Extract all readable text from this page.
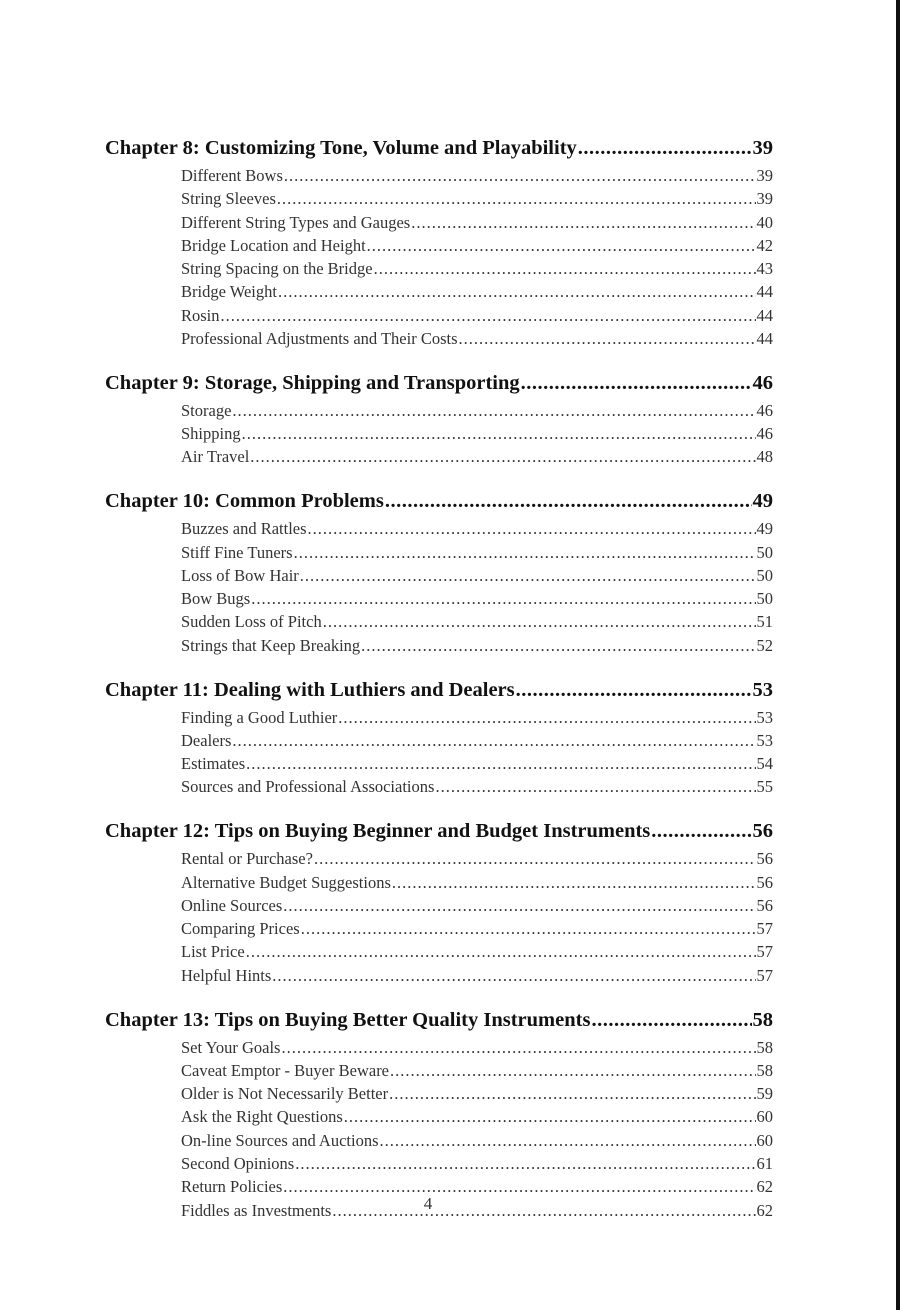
Chapter 8: Customizing Tone, Volume and Playability .....	39
Different Bows .....	39
String Sleeves .....	39
Different String Types and Gauges .....	40
Bridge Location and Height .....	42
String Spacing on the Bridge .....	43
Bridge Weight .....	44
Rosin .....	44
Professional Adjustments and Their Costs .....	44
Chapter 9: Storage, Shipping and Transporting .....	46
Storage .....	46
Shipping .....	46
Air Travel .....	48
Chapter 10: Common Problems .....	49
Buzzes and Rattles .....	49
Stiff Fine Tuners .....	50
Loss of Bow Hair .....	50
Bow Bugs .....	50
Sudden Loss of Pitch .....	51
Strings that Keep Breaking .....	52
Chapter 11: Dealing with Luthiers and Dealers .....	53
Finding a Good Luthier .....	53
Dealers .....	53
Estimates .....	54
Sources and Professional Associations .....	55
Chapter 12: Tips on Buying Beginner and Budget Instruments .....	56
Rental or Purchase? .....	56
Alternative Budget Suggestions .....	56
Online Sources .....	56
Comparing Prices .....	57
List Price .....	57
Helpful Hints .....	57
Chapter 13: Tips on Buying Better Quality Instruments .....	58
Set Your Goals .....	58
Caveat Emptor - Buyer Beware .....	58
Older is Not Necessarily Better .....	59
Ask the Right Questions .....	60
On-line Sources and Auctions .....	60
Second Opinions .....	61
Return Policies .....	62
Fiddles as Investments .....	62
4
